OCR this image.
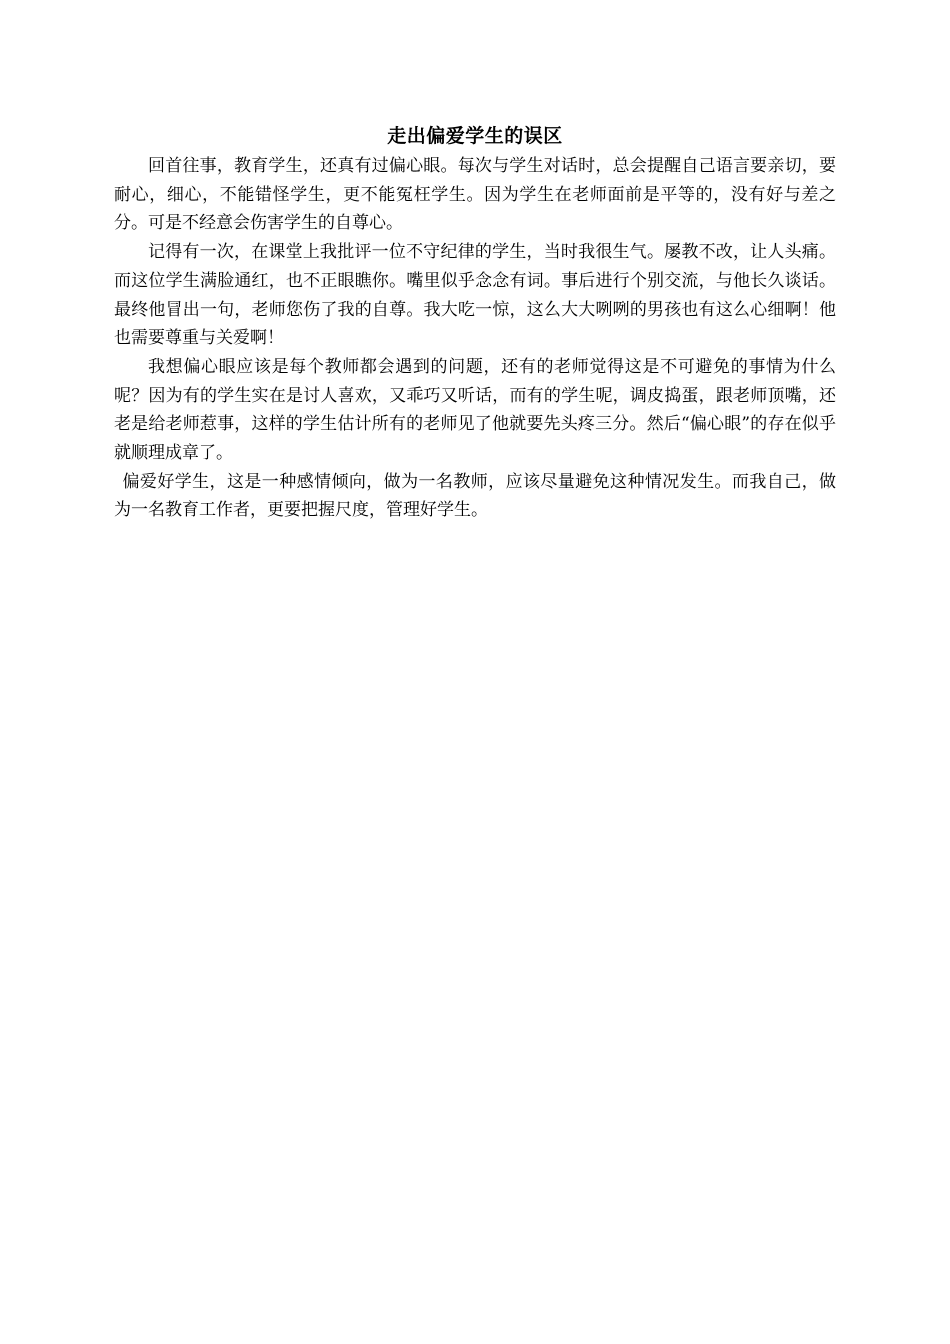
走出偏爱学生的误区

回首往事，教育学生，还真有过偏心眼。每次与学生对话时，总会提醒自己语言要亲切，要耐心，细心，不能错怪学生，更不能冤枉学生。因为学生在老师面前是平等的，没有好与差之分。可是不经意会伤害学生的自尊心。

记得有一次，在课堂上我批评一位不守纪律的学生，当时我很生气。屡教不改，让人头痛。而这位学生满脸通红，也不正眼瞧你。嘴里似乎念念有词。事后进行个别交流，与他长久谈话。最终他冒出一句，老师您伤了我的自尊。我大吃一惊，这么大大咧咧的男孩也有这么心细啊！他也需要尊重与关爱啊！

我想偏心眼应该是每个教师都会遇到的问题，还有的老师觉得这是不可避免的事情为什么呢？因为有的学生实在是讨人喜欢，又乖巧又听话，而有的学生呢，调皮捣蛋，跟老师顶嘴，还老是给老师惹事，这样的学生估计所有的老师见了他就要先头疼三分。然后“偏心眼”的存在似乎就顺理成章了。

偏爱好学生，这是一种感情倾向，做为一名教师，应该尽量避免这种情况发生。而我自己，做为一名教育工作者，更要把握尺度，管理好学生。
